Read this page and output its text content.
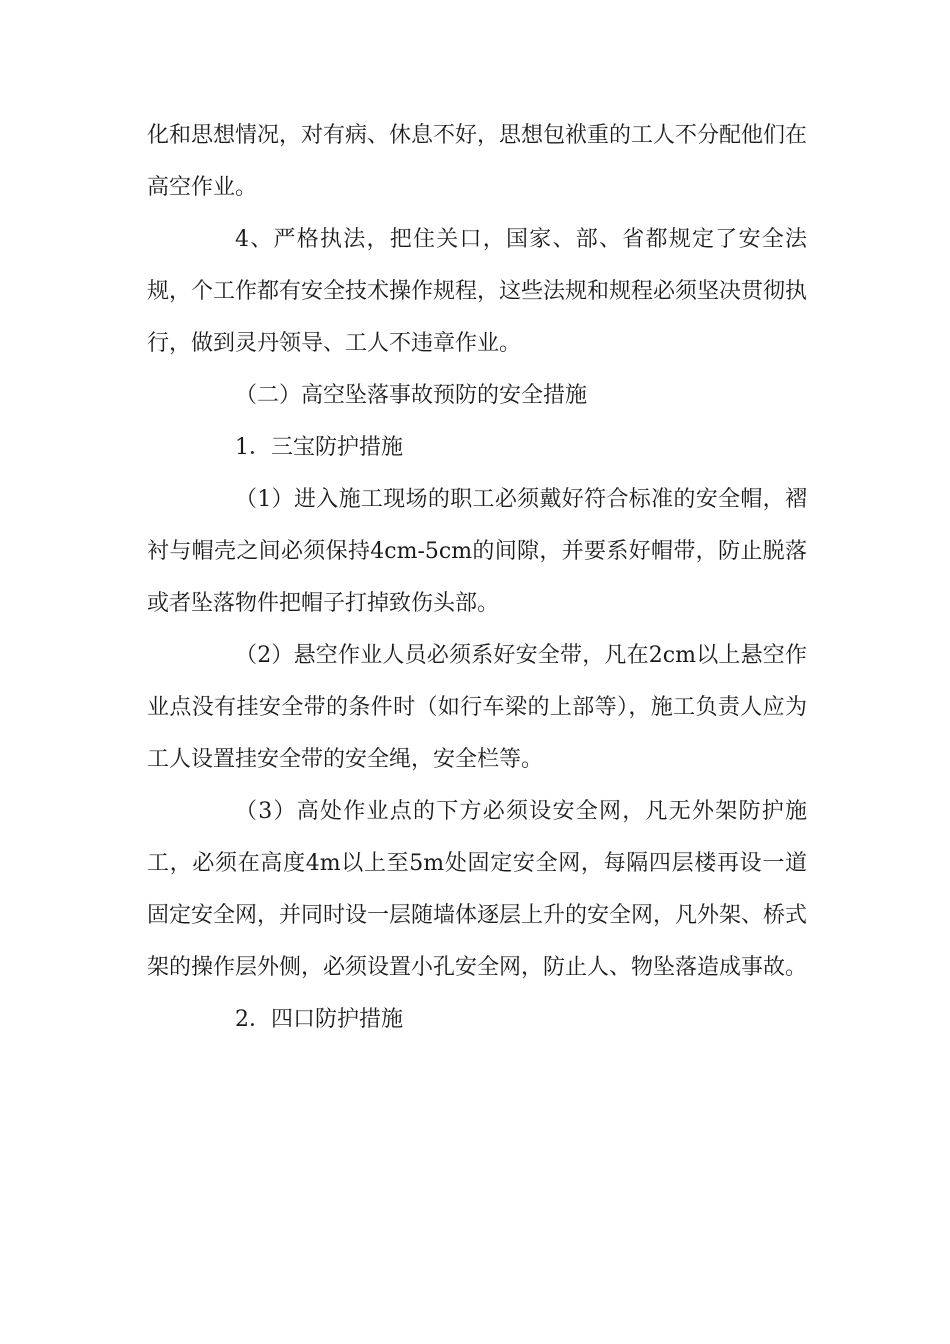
化和思想情况，对有病、休息不好，思想包袱重的工人不分配他们在高空作业。

4、严格执法，把住关口，国家、部、省都规定了安全法规，个工作都有安全技术操作规程，这些法规和规程必须坚决贯彻执行，做到灵丹领导、工人不违章作业。

（二）高空坠落事故预防的安全措施

1．三宝防护措施

（1）进入施工现场的职工必须戴好符合标准的安全帽，褶衬与帽壳之间必须保持4cm-5cm的间隙，并要系好帽带，防止脱落或者坠落物件把帽子打掉致伤头部。

（2）悬空作业人员必须系好安全带，凡在2cm以上悬空作业点没有挂安全带的条件时（如行车梁的上部等），施工负责人应为工人设置挂安全带的安全绳，安全栏等。

（3）高处作业点的下方必须设安全网，凡无外架防护施工，必须在高度4m以上至5m处固定安全网，每隔四层楼再设一道固定安全网，并同时设一层随墙体逐层上升的安全网，凡外架、桥式架的操作层外侧，必须设置小孔安全网，防止人、物坠落造成事故。

2．四口防护措施
